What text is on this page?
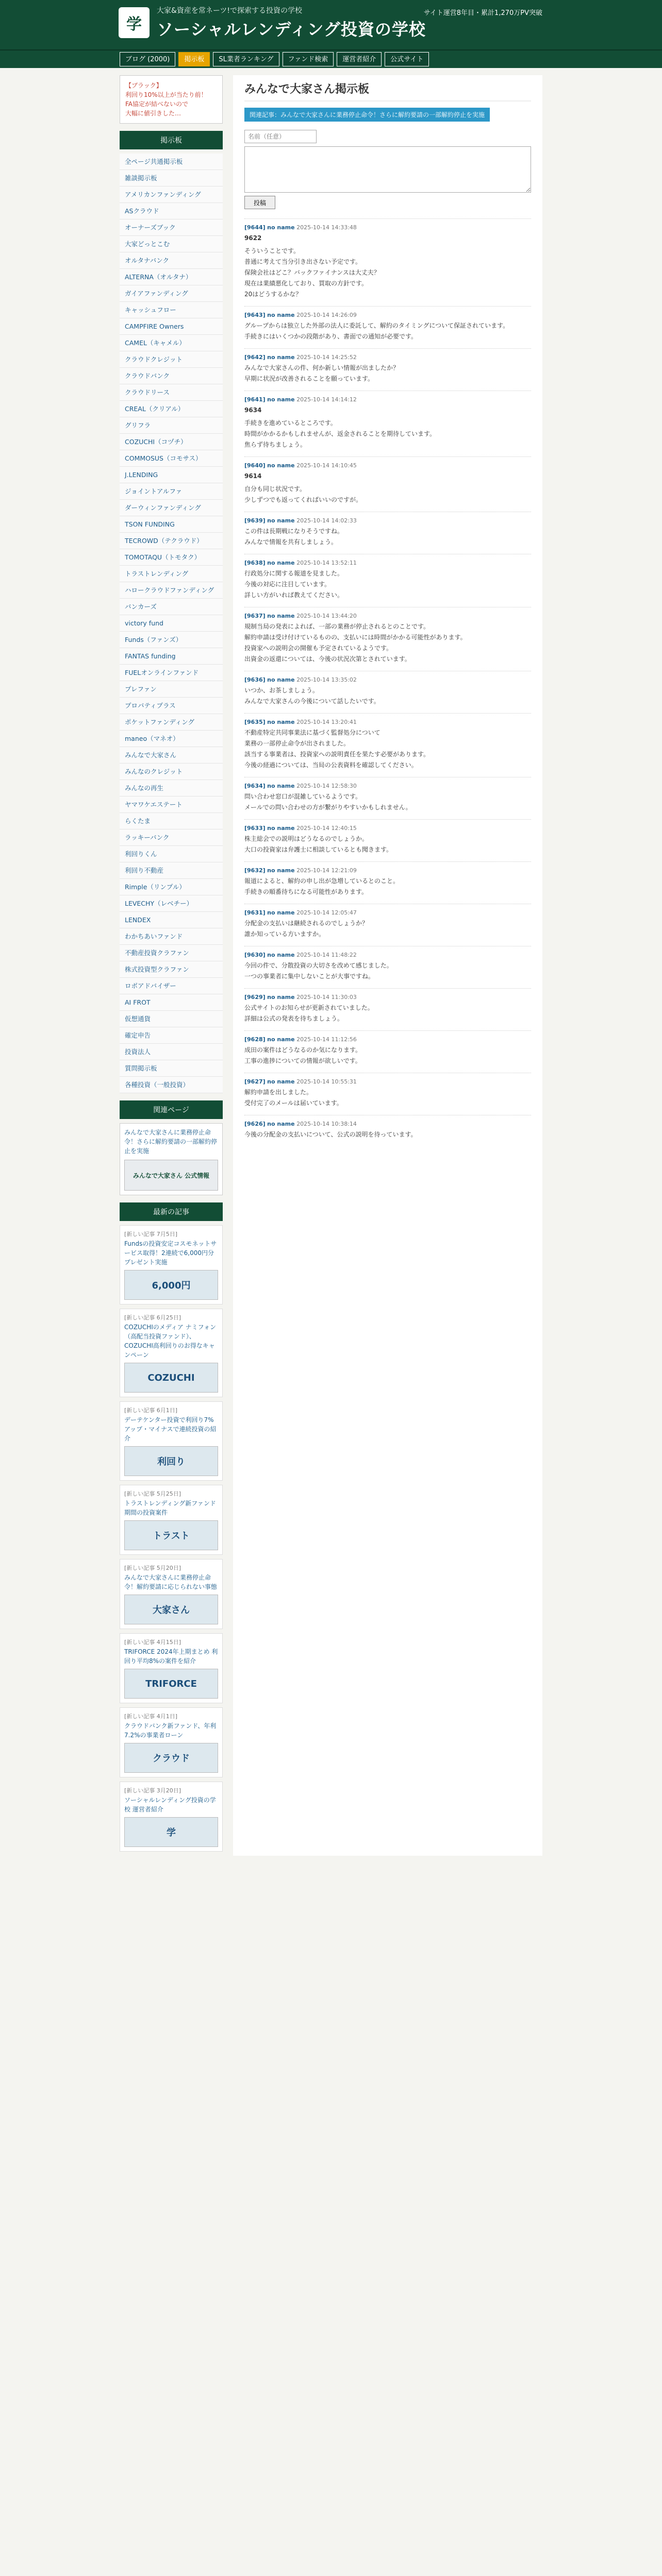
学
大家&資産を常ネーツ!で探索する投資の学校
ソーシャルレンディング投資の学校
サイト運営8年目・累計1,270万PV突破
ブログ (2000)	掲示板	SL業者ランキング	ファンド検索	運営者紹介	公式サイト
【ブラック】
利回り10%以上が当たり前！
FA協定が結べないので
大幅に値引きした…
掲示板
全ページ共通掲示板
雑談掲示板
アメリカンファンディング
ASクラウド
オーナーズブック
大家どっとこむ
オルタナバンク
ALTERNA（オルタナ）
ガイアファンディング
キャッシュフロー
CAMPFIRE Owners
CAMEL（キャメル）
クラウドクレジット
クラウドバンク
クラウドリース
CREAL（クリアル）
グリフラ
COZUCHI（コヅチ）
COMMOSUS（コモサス）
J.LENDING
ジョイントアルファ
ダーウィンファンディング
TSON FUNDING
TECROWD（テクラウド）
TOMOTAQU（トモタク）
トラストレンディング
ハロークラウドファンディング
バンカーズ
victory fund
Funds（ファンズ）
FANTAS funding
FUELオンラインファンド
プレファン
プロパティプラス
ポケットファンディング
maneo（マネオ）
みんなで大家さん
みんなのクレジット
みんなの再生
ヤマワケエステート
らくたま
ラッキーバンク
利回りくん
利回り不動産
Rimple（リンプル）
LEVECHY（レベチー）
LENDEX
わかちあいファンド
不動産投資クラファン
株式投資型クラファン
ロボアドバイザー
AI FROT
仮想通貨
確定申告
投資法人
質問掲示板
各種投資（一般投資）
関連ページ
みんなで大家さんに業務停止命令！さらに解約要請の一部解約停止を実施
みんなで大家さん 公式情報
最新の記事
[新しい記事 7月5日]
Fundsの投資安定コスモネットサービス取得！2連続で6,000円分プレゼント実施
6,000円
[新しい記事 6月25日]
COZUCHIのメディア ナミフォン（高配当投資ファンド）、COZUCHI高利回りのお得なキャンペーン
COZUCHI
[新しい記事 6月1日]
デーテケンター投資で利回り7%アップ・マイナスで連続投資の紹介
利回り
[新しい記事 5月25日]
トラストレンディング新ファンド期間の投資案件
トラスト
[新しい記事 5月20日]
みんなで大家さんに業務停止命令！解約要請に応じられない事態
大家さん
[新しい記事 4月15日]
TRIFORCE 2024年上期まとめ 利回り平均8%の案件を紹介
TRIFORCE
[新しい記事 4月1日]
クラウドバンク新ファンド、年利7.2%の事業者ローン
クラウド
[新しい記事 3月20日]
ソーシャルレンディング投資の学校 運営者紹介
学
みんなで大家さん掲示板
関連記事：みんなで大家さんに業務停止命令！さらに解約要請の一部解約停止を実施
名前（任意）
投稿
[9644] no name 2025-10-14 14:33:48
9622
そういうことです。
普通に考えて当分引き出さない予定です。
保険会社はどこ？バックファイナンスは大丈夫？
現在は業績悪化しており、買取の方針です。
20はどうするかな？
[9643] no name 2025-10-14 14:26:09
グループからは独立した外部の法人に委託して、解約のタイミングについて保証されています。
手続きにはいくつかの段階があり、書面での通知が必要です。
[9642] no name 2025-10-14 14:25:52
みんなで大家さんの件、何か新しい情報が出ましたか？
早期に状況が改善されることを願っています。
[9641] no name 2025-10-14 14:14:12
9634
手続きを進めているところです。
時間がかかるかもしれませんが、返金されることを期待しています。
焦らず待ちましょう。
[9640] no name 2025-10-14 14:10:45
9614
自分も同じ状況です。
少しずつでも返ってくればいいのですが。
[9639] no name 2025-10-14 14:02:33
この件は長期戦になりそうですね。
みんなで情報を共有しましょう。
[9638] no name 2025-10-14 13:52:11
行政処分に関する報道を見ました。
今後の対応に注目しています。
詳しい方がいれば教えてください。
[9637] no name 2025-10-14 13:44:20
規制当局の発表によれば、一部の業務が停止されるとのことです。
解約申請は受け付けているものの、支払いには時間がかかる可能性があります。
投資家への説明会の開催も予定されているようです。
出資金の返還については、今後の状況次第とされています。
[9636] no name 2025-10-14 13:35:02
いつか、お茶しましょう。
みんなで大家さんの今後について話したいです。
[9635] no name 2025-10-14 13:20:41
不動産特定共同事業法に基づく監督処分について
業務の一部停止命令が出されました。
該当する事業者は、投資家への説明責任を果たす必要があります。
今後の経過については、当局の公表資料を確認してください。
[9634] no name 2025-10-14 12:58:30
問い合わせ窓口が混雑しているようです。
メールでの問い合わせの方が繋がりやすいかもしれません。
[9633] no name 2025-10-14 12:40:15
株主総会での説明はどうなるのでしょうか。
大口の投資家は弁護士に相談しているとも聞きます。
[9632] no name 2025-10-14 12:21:09
報道によると、解約の申し出が急増しているとのこと。
手続きの順番待ちになる可能性があります。
[9631] no name 2025-10-14 12:05:47
分配金の支払いは継続されるのでしょうか？
誰か知っている方いますか。
[9630] no name 2025-10-14 11:48:22
今回の件で、分散投資の大切さを改めて感じました。
一つの事業者に集中しないことが大事ですね。
[9629] no name 2025-10-14 11:30:03
公式サイトのお知らせが更新されていました。
詳細は公式の発表を待ちましょう。
[9628] no name 2025-10-14 11:12:56
成田の案件はどうなるのか気になります。
工事の進捗についての情報が欲しいです。
[9627] no name 2025-10-14 10:55:31
解約申請を出しました。
受付完了のメールは届いています。
[9626] no name 2025-10-14 10:38:14
今後の分配金の支払いについて、公式の説明を待っています。
